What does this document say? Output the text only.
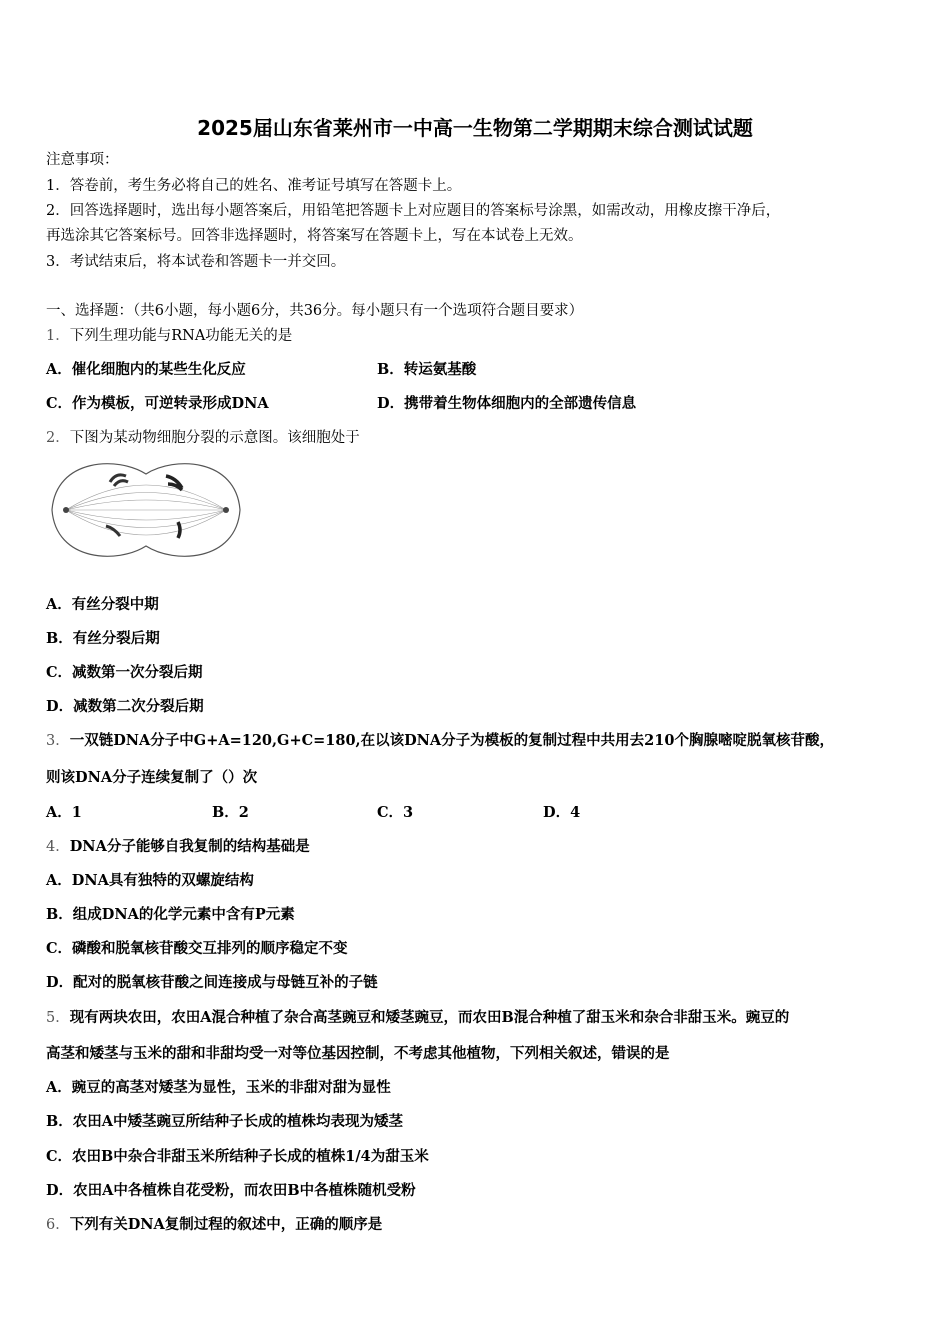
2025届山东省莱州市一中高一生物第二学期期末综合测试试题
注意事项：
1．答卷前，考生务必将自己的姓名、准考证号填写在答题卡上。
2．回答选择题时，选出每小题答案后，用铅笔把答题卡上对应题目的答案标号涂黑，如需改动，用橡皮擦干净后，
再选涂其它答案标号。回答非选择题时，将答案写在答题卡上，写在本试卷上无效。
3．考试结束后，将本试卷和答题卡一并交回。
一、选择题：（共6小题，每小题6分，共36分。每小题只有一个选项符合题目要求）
1．下列生理功能与RNA功能无关的是
A．催化细胞内的某些生化反应	B．转运氨基酸
C．作为模板，可逆转录形成DNA	D．携带着生物体细胞内的全部遗传信息
2．下图为某动物细胞分裂的示意图。该细胞处于
A．有丝分裂中期
B．有丝分裂后期
C．减数第一次分裂后期
D．减数第二次分裂后期
3．一双链DNA分子中G+A=120,G+C=180,在以该DNA分子为模板的复制过程中共用去210个胸腺嘧啶脱氧核苷酸，
则该DNA分子连续复制了（）次
A．1	B．2	C．3	D．4
4．DNA分子能够自我复制的结构基础是
A．DNA具有独特的双螺旋结构
B．组成DNA的化学元素中含有P元素
C．磷酸和脱氧核苷酸交互排列的顺序稳定不变
D．配对的脱氧核苷酸之间连接成与母链互补的子链
5．现有两块农田，农田A混合种植了杂合高茎豌豆和矮茎豌豆，而农田B混合种植了甜玉米和杂合非甜玉米。豌豆的
高茎和矮茎与玉米的甜和非甜均受一对等位基因控制，不考虑其他植物，下列相关叙述，错误的是
A．豌豆的高茎对矮茎为显性，玉米的非甜对甜为显性
B．农田A中矮茎豌豆所结种子长成的植株均表现为矮茎
C．农田B中杂合非甜玉米所结种子长成的植株1/4为甜玉米
D．农田A中各植株自花受粉，而农田B中各植株随机受粉
6．下列有关DNA复制过程的叙述中，正确的顺序是
